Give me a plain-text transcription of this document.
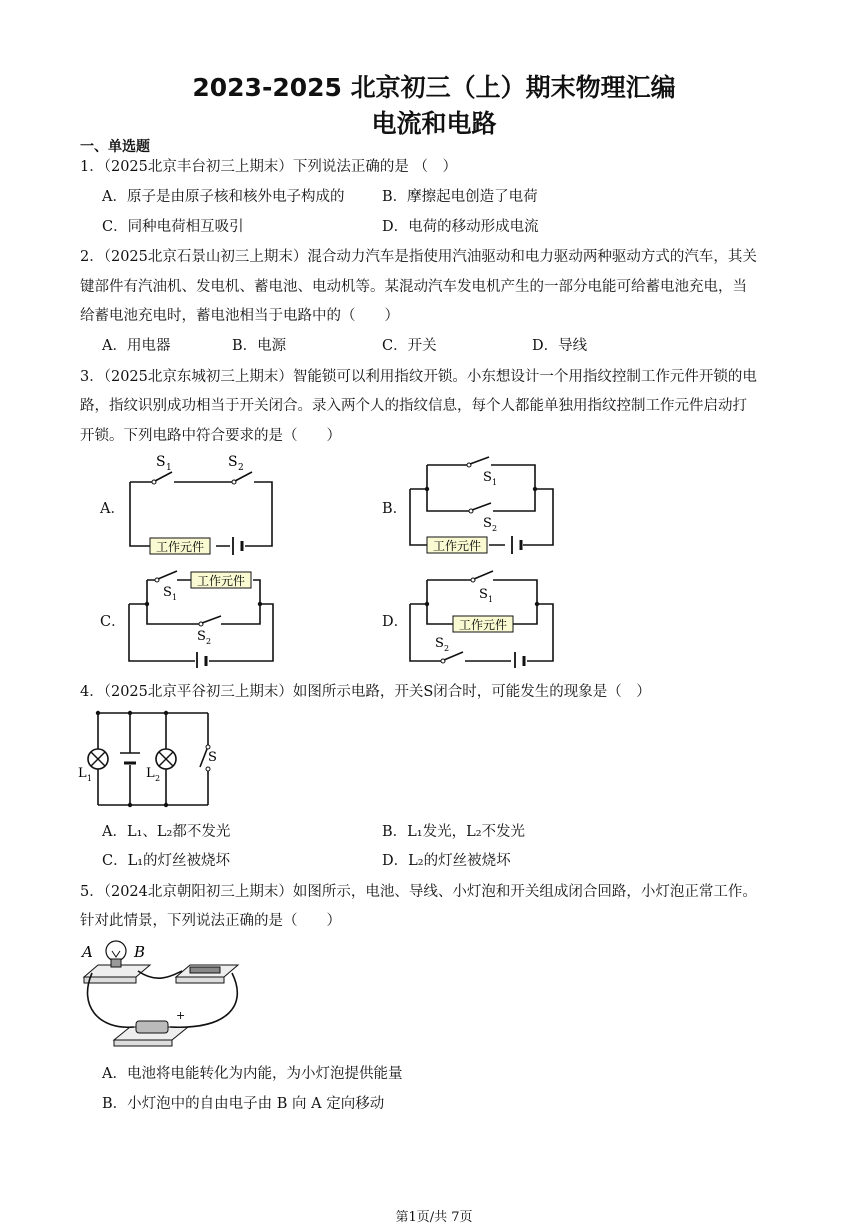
2023-2025 北京初三（上）期末物理汇编
电流和电路
一、单选题
1．（2025北京丰台初三上期末）下列说法正确的是 （　）
A．原子是由原子核和核外电子构成的	B．摩擦起电创造了电荷
C．同种电荷相互吸引	D．电荷的移动形成电流
2．（2025北京石景山初三上期末）混合动力汽车是指使用汽油驱动和电力驱动两种驱动方式的汽车，其关
键部件有汽油机、发电机、蓄电池、电动机等。某混动汽车发电机产生的一部分电能可给蓄电池充电，当
给蓄电池充电时，蓄电池相当于电路中的（　　）
A．用电器	B．电源	C．开关	D．导线
3．（2025北京东城初三上期末）智能锁可以利用指纹开锁。小东想设计一个用指纹控制工作元件开锁的电
路，指纹识别成功相当于开关闭合。录入两个人的指纹信息，每个人都能单独用指纹控制工作元件启动打
开锁。下列电路中符合要求的是（　　）
A．	B．
C．	D．
工作元件
S 1	S 2
工作元件
S 1
S 2
工作元件
S 1
S 2
工作元件
S 1
S 2
4．（2025北京平谷初三上期末）如图所示电路，开关S闭合时，可能发生的现象是（　）
L 1	L 2
S
A．L₁、L₂都不发光	B．L₁发光，L₂不发光
C．L₁的灯丝被烧坏	D．L₂的灯丝被烧坏
5．（2024北京朝阳初三上期末）如图所示，电池、导线、小灯泡和开关组成闭合回路，小灯泡正常工作。
针对此情景，下列说法正确的是（　　）
+
A	B
A．电池将电能转化为内能，为小灯泡提供能量
B．小灯泡中的自由电子由 B 向 A 定向移动
第1页/共 7页
